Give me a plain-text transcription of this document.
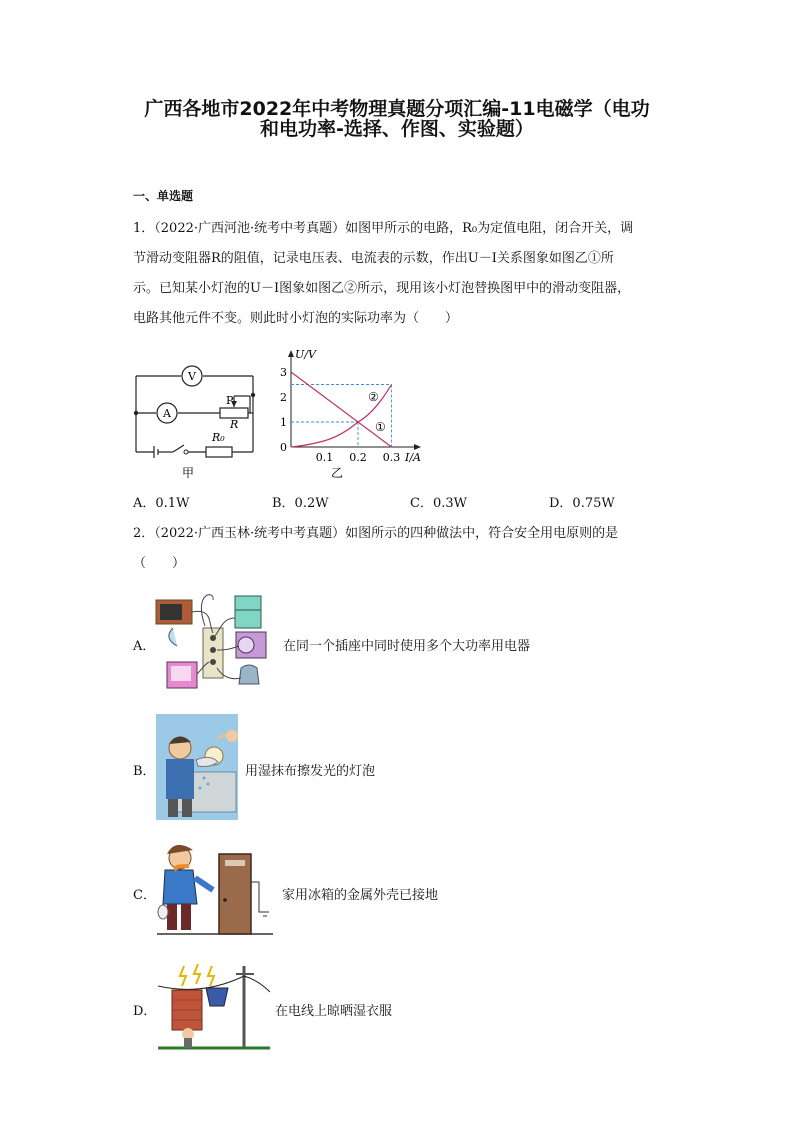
广西各地市2022年中考物理真题分项汇编-11电磁学（电功
和电功率-选择、作图、实验题）
一、单选题
1．（2022·广西河池·统考中考真题）如图甲所示的电路，R₀为定值电阻，闭合开关，调
节滑动变阻器R的阻值，记录电压表、电流表的示数，作出U－I关系图象如图乙①所
示。已知某小灯泡的U－I图象如图乙②所示，现用该小灯泡替换图甲中的滑动变阻器，
电路其他元件不变。则此时小灯泡的实际功率为（　　）
V
A
P
R
R₀
甲
0
1
2
3
0.1 0.2 0.3
U/V
I/A
②
①
乙
A．0.1W	B．0.2W	C．0.3W	D．0.75W
2．（2022·广西玉林·统考中考真题）如图所示的四种做法中，符合安全用电原则的是
（　　）
A．	在同一个插座中同时使用多个大功率用电器
B．	用湿抹布擦发光的灯泡
C．	家用冰箱的金属外壳已接地
D．	在电线上晾晒湿衣服
